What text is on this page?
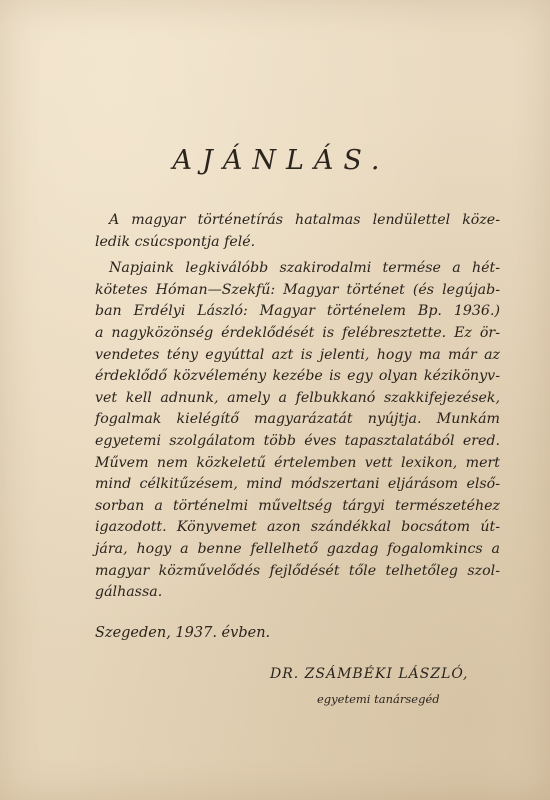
AJÁNLÁS.
A magyar történetírás hatalmas lendülettel köze-
ledik csúcspontja felé.
Napjaink legkiválóbb szakirodalmi termése a hét-
kötetes Hóman—Szekfű: Magyar történet (és legújab-
ban Erdélyi László: Magyar történelem Bp. 1936.)
a nagyközönség érdeklődését is felébresztette. Ez ör-
vendetes tény egyúttal azt is jelenti, hogy ma már az
érdeklődő közvélemény kezébe is egy olyan kézikönyv-
vet kell adnunk, amely a felbukkanó szakkifejezések,
fogalmak kielégítő magyarázatát nyújtja. Munkám
egyetemi szolgálatom több éves tapasztalatából ered.
Művem nem közkeletű értelemben vett lexikon, mert
mind célkitűzésem, mind módszertani eljárásom első-
sorban a történelmi műveltség tárgyi természetéhez
igazodott. Könyvemet azon szándékkal bocsátom út-
jára, hogy a benne fellelhető gazdag fogalomkincs a
magyar közművelődés fejlődését tőle telhetőleg szol-
gálhassa.
Szegeden, 1937. évben.
DR. ZSÁMBÉKI LÁSZLÓ,
egyetemi tanársegéd
